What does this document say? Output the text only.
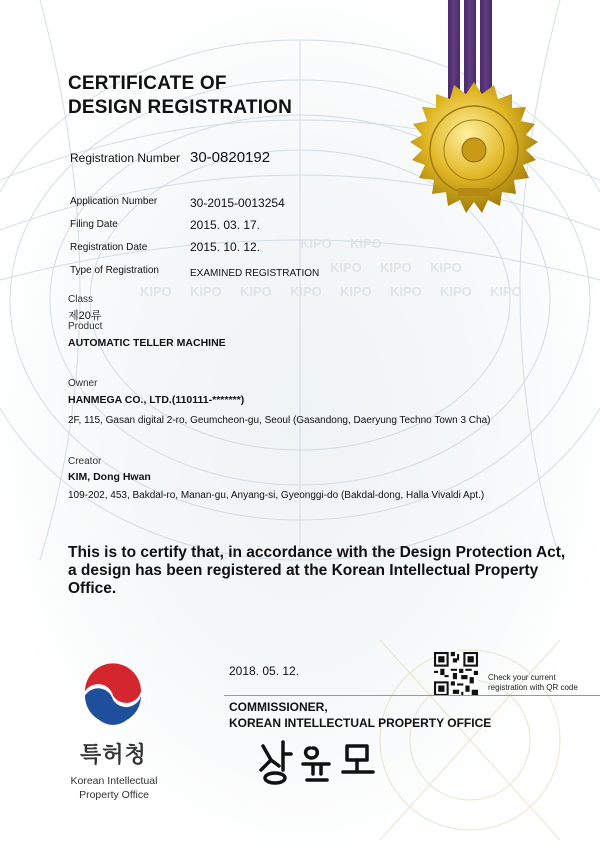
KIPO KIPO
KIPO KIPO KIPO
KIPO KIPO KIPO KIPO KIPO KIPO KIPO KIPO
CERTIFICATE OF
DESIGN REGISTRATION
Registration Number 30-0820192
Application Number	30-2015-0013254
Filing Date	2015. 03. 17.
Registration Date	2015. 10. 12.
Type of Registration	EXAMINED REGISTRATION
Class
제20류
Product
AUTOMATIC TELLER MACHINE
Owner
HANMEGA CO., LTD.(110111-*******)
2F, 115, Gasan digital 2-ro, Geumcheon-gu, Seoul (Gasandong, Daeryung Techno Town 3 Cha)
Creator
KIM, Dong Hwan
109-202, 453, Bakdal-ro, Manan-gu, Anyang-si, Gyeonggi-do (Bakdal-dong, Halla Vivaldi Apt.)
This is to certify that, in accordance with the Design Protection Act, a design has been registered at the Korean Intellectual Property Office.
2018. 05. 12.	Check your current
registration with QR code
COMMISSIONER,
KOREAN INTELLECTUAL PROPERTY OFFICE
특허청
Korean Intellectual
Property Office
